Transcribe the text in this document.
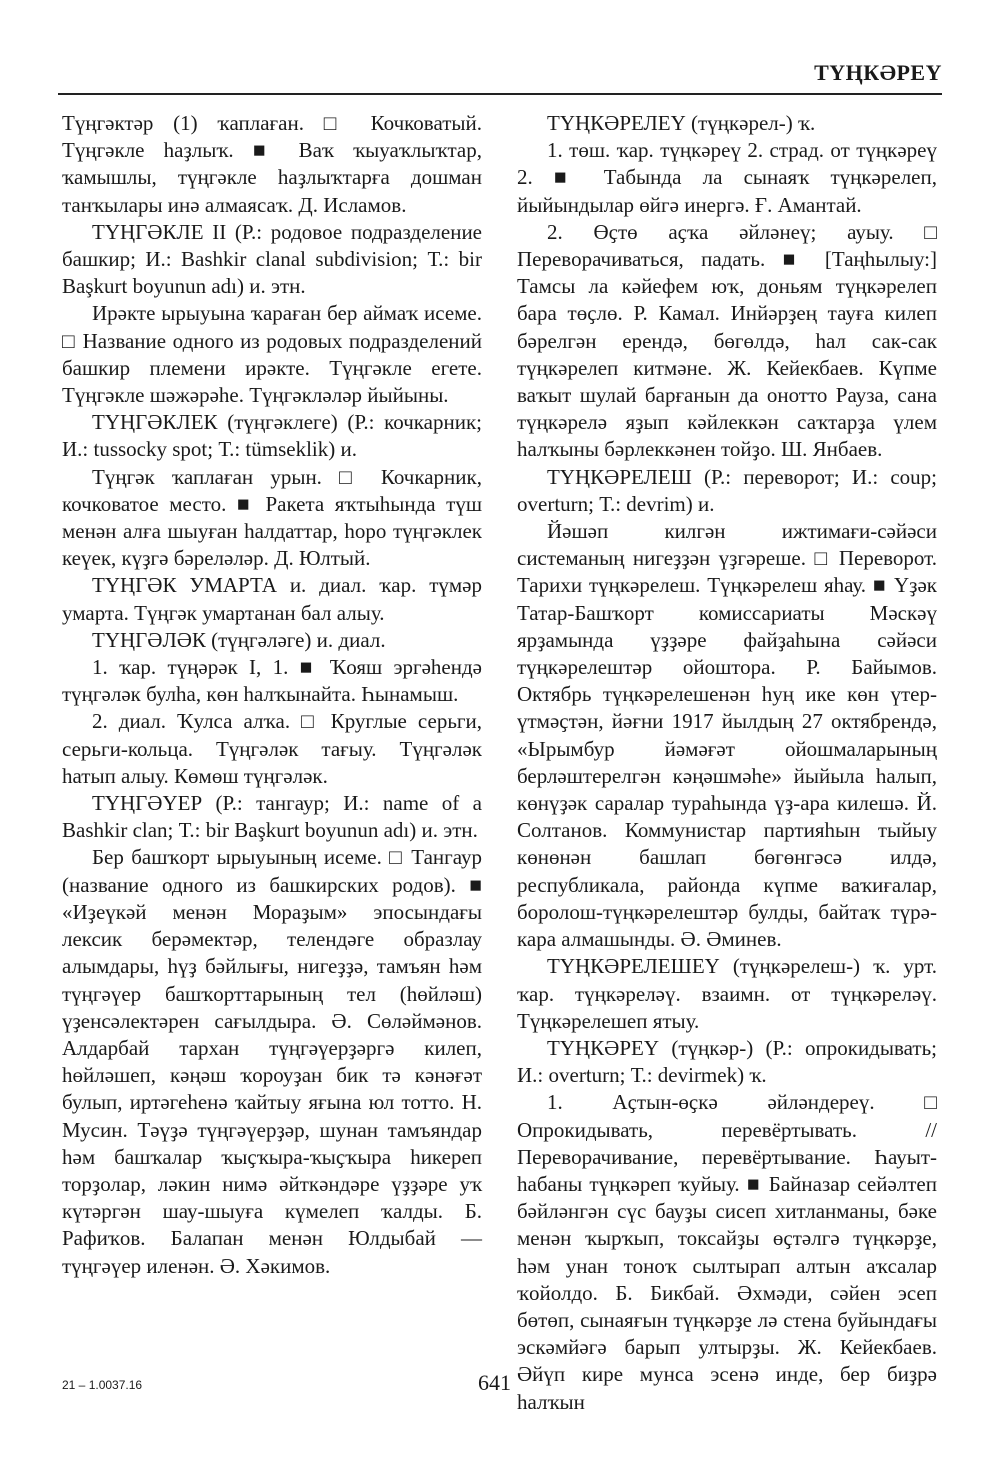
ТҮҢКӘРЕҮ

Түңгәктәр (1) ҡаплаған. □ Кочковатый. Түңгәкле һаҙлыҡ. ■ Ваҡ ҡыуаҡлыҡтар, ҡамышлы, түңгәкле һаҙлыҡтарға дошман танҡылары инә алмаясаҡ. Д. Исламов.

ТҮҢГӘКЛЕ II (Р.: родовое подразделение башкир; И.: Bashkir clanal subdivision; Т.: bir Başkurt boyunun adı) и. этн.

Ирәкте ырыуына ҡараған бер аймаҡ исеме. □ Название одного из родовых подразделений башкир племени ирәкте. Түңгәкле егете. Түңгәкле шәжәрәһе. Түңгәкләләр йыйыны.

ТҮҢГӘКЛЕК (түңгәклеге) (Р.: кочкарник; И.: tussocky spot; Т.: tümseklik) и.

Түңгәк ҡаплаған урын. □ Кочкарник, кочковатое место. ■ Ракета яҡтыһында түш менән алға шыуған һалдаттар, һоро түңгәклек кеүек, күҙгә бәреләләр. Д. Юлтый.

ТҮҢГӘК УМАРТА и. диал. ҡар. түмәр умарта. Түңгәк умартанан бал алыу.

ТҮҢГӘЛӘК (түңгәләге) и. диал.

1. ҡар. түңәрәк I, 1. ■ Ҡояш эргәһендә түңгәләк булһа, көн һалҡынайта. Һынамыш.

2. диал. Ҡулса алҡа. □ Круглые серьги, серьги-кольца. Түңгәләк тағыу. Түңгәләк һатып алыу. Көмөш түңгәләк.

ТҮҢГӘҮЕР (Р.: тангаур; И.: name of a Bashkir clan; Т.: bir Başkurt boyunun adı) и. этн.

Бер башҡорт ырыуының исеме. □ Тангаур (название одного из башкирских родов). ■ «Иҙеүкәй менән Мораҙым» эпосындағы лексик берәмектәр, телендәге образлау алымдары, һүҙ бәйлығы, нигеҙҙә, тамъян һәм түңгәүер башҡорттарының тел (һөйләш) үҙенсәлектәрен сағылдыра. Ә. Сөләймәнов. Алдарбай тархан түңгәүерҙәргә килеп, һөйләшеп, кәңәш ҡороуҙан бик тә кәнәғәт булып, иртәгеһенә ҡайтыу яғына юл тотто. Н. Мусин. Тәүҙә түңгәүерҙәр, шунан тамъяндар һәм башҡалар ҡыҫҡыра-ҡыҫҡыра һикереп торҙолар, ләкин нимә әйткәндәре үҙҙәре уҡ күтәргән шау-шыуға күмелеп ҡалды. Б. Рафиҡов. Балапан менән Юлдыбай — түңгәүер иленән. Ә. Хәкимов.

ТҮҢКӘРЕЛЕҮ (түңкәрел-) ҡ.

1. төш. ҡар. түңкәреү 2. страд. от түңкәреү 2. ■ Табында ла сынаяҡ түңкәрелеп, йыйындылар өйгә инергә. Ғ. Амантай.

2. Өҫтө аҫҡа әйләнеү; ауыу. □ Переворачиваться, падать. ■ [Таңһылыу:] Тамсы ла кәйефем юҡ, доньям түңкәрелеп бара төҫлө. Р. Камал. Инйәрҙең тауға килеп бәрелгән ерендә, бөгөлдә, һал сак-сак түңкәрелеп китмәне. Ж. Кейекбаев. Күпме ваҡыт шулай барғанын да онотто Рауза, сана түңкәрелә яҙып кәйлеккән саҡтарҙа үлем һалҡыны бәрлеккәнен тойҙо. Ш. Янбаев.

ТҮҢКӘРЕЛЕШ (Р.: переворот; И.: coup; overturn; Т.: devrim) и.

Йәшәп килгән ижтимағи-сәйәси системаның нигеҙҙән үҙгәреше. □ Переворот. Тарихи түңкәрелеш. Түңкәрелеш яһау. ■ Үҙәк Татар-Башҡорт комиссариаты Мәскәү ярҙамында үҙҙәре файҙаһына сәйәси түңкәрелештәр ойоштора. Р. Байымов. Октябрь түңкәрелешенән һуң ике көн үтер-үтмәҫтән, йәғни 1917 йылдың 27 октябрендә, «Ырымбур йәмәғәт ойошмаларының берләштерелгән кәңәшмәһе» йыйыла һалып, көнүҙәк саралар тураһында үҙ-ара килешә. Й. Солтанов. Коммунистар партияһын тыйыу көнөнән башлап бөгөнгәсә илдә, республикала, районда күпме ваҡиғалар, боролош-түңкәрелештәр булды, байтаҡ түрә-кара алмашынды. Ә. Әминев.

ТҮҢКӘРЕЛЕШЕҮ (түңкәрелеш-) ҡ. урт. ҡар. түңкәреләү. взаимн. от түңкәреләү. Түңкәрелешеп ятыу.

ТҮҢКӘРЕҮ (түңкәр-) (Р.: опрокидывать; И.: overturn; Т.: devirmek) ҡ.

1. Аҫтын-өҫкә әйләндереү. □ Опрокидывать, перевёртывать. // Переворачивание, перевёртывание. Һауыт-һабаны түңкәреп ҡуйыу. ■ Байназар сейәлтеп бәйләнгән сүс бауҙы сисеп хитланманы, бәке менән ҡырҡып, токсайҙы өҫтәлгә түңкәрҙе, һәм унан тоноҡ сылтырап алтын аҡсалар ҡойолдо. Б. Бикбай. Әхмәди, сәйен эсеп бөтөп, сынаяғын түңкәрҙе лә стена буйындағы эскәмйәгә барып ултырҙы. Ж. Кейекбаев. Әйүп кире мунса эсенә инде, бер биҙрә һалҡын

21 – 1.0037.16	641
